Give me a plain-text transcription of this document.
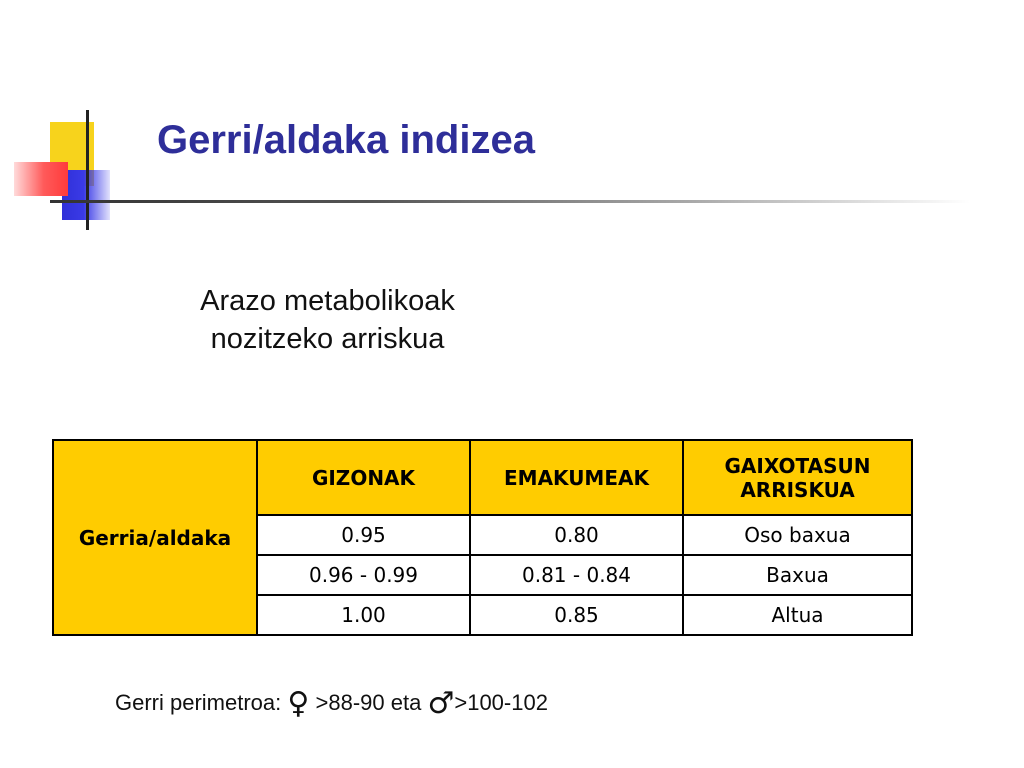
Gerri/aldaka indizea
Arazo metabolikoak
nozitzeko arriskua
Gerria/aldaka	GIZONAK	EMAKUMEAK	GAIXOTASUN ARRISKUA
	0.95	0.80	Oso baxua
	0.96 - 0.99	0.81 - 0.84	Baxua
	1.00	0.85	Altua
Gerri perimetroa: ♀ >88-90 eta ♂>100-102
